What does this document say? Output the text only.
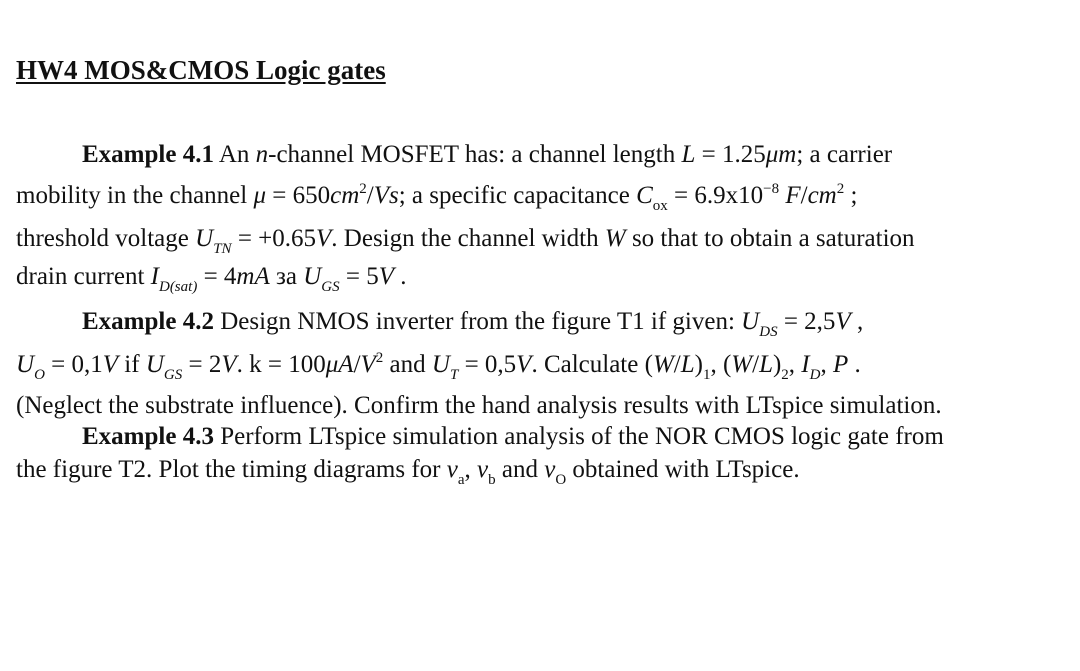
HW4 MOS&CMOS Logic gates
Example 4.1 An n-channel MOSFET has: a channel length L = 1.25μm; a carrier
mobility in the channel $\mu = 650cm^2/Vs$; a specific capacitance $C_{ox} = 6.9x10^{-8}$ $F/cm^2$ ;
threshold voltage $U_{TN} = +0.65V$. Design the channel width W so that to obtain a saturation
drain current $I_{D(sat)} = 4mA$ за $U_{GS} = 5V$ .
Example 4.2 Design NMOS inverter from the figure T1 if given: $U_{DS} = 2,5V$ ,
$U_O = 0,1V$ if $U_{GS} = 2V$. $k = 100\mu A/V^2$ and $U_T = 0,5V$. Calculate $(W/L)_1$, $(W/L)_2$, $I_D$, P .
(Neglect the substrate influence). Confirm the hand analysis results with LTspice simulation.
Example 4.3 Perform LTspice simulation analysis of the NOR CMOS logic gate from
the figure T2. Plot the timing diagrams for $v_a$, $v_b$ and $v_O$ obtained with LTspice.
